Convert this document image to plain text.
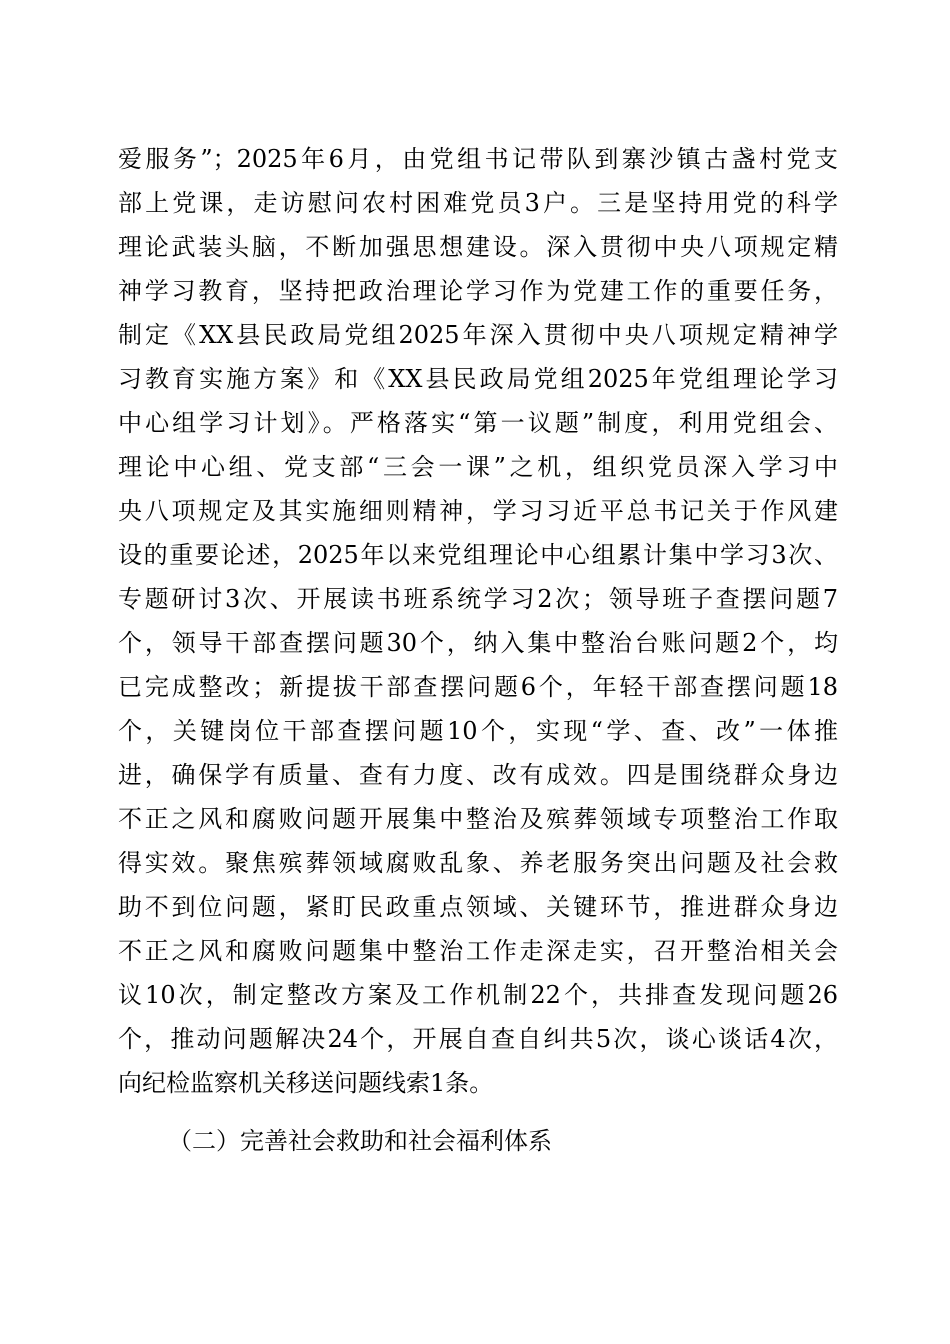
爱服务”；2025年6月，由党组书记带队到寨沙镇古盏村党支
部上党课，走访慰问农村困难党员3户。三是坚持用党的科学
理论武装头脑，不断加强思想建设。深入贯彻中央八项规定精
神学习教育，坚持把政治理论学习作为党建工作的重要任务，
制定《XX县民政局党组2025年深入贯彻中央八项规定精神学
习教育实施方案》和《XX县民政局党组2025年党组理论学习
中心组学习计划》。严格落实“第一议题”制度，利用党组会、
理论中心组、党支部“三会一课”之机，组织党员深入学习中
央八项规定及其实施细则精神，学习习近平总书记关于作风建
设的重要论述，2025年以来党组理论中心组累计集中学习3次、
专题研讨3次、开展读书班系统学习2次；领导班子查摆问题7
个，领导干部查摆问题30个，纳入集中整治台账问题2个，均
已完成整改；新提拔干部查摆问题6个，年轻干部查摆问题18
个，关键岗位干部查摆问题10个，实现“学、查、改”一体推
进，确保学有质量、查有力度、改有成效。四是围绕群众身边
不正之风和腐败问题开展集中整治及殡葬领域专项整治工作取
得实效。聚焦殡葬领域腐败乱象、养老服务突出问题及社会救
助不到位问题，紧盯民政重点领域、关键环节，推进群众身边
不正之风和腐败问题集中整治工作走深走实，召开整治相关会
议10次，制定整改方案及工作机制22个，共排查发现问题26
个，推动问题解决24个，开展自查自纠共5次，谈心谈话4次，
向纪检监察机关移送问题线索1条。
（二）完善社会救助和社会福利体系
